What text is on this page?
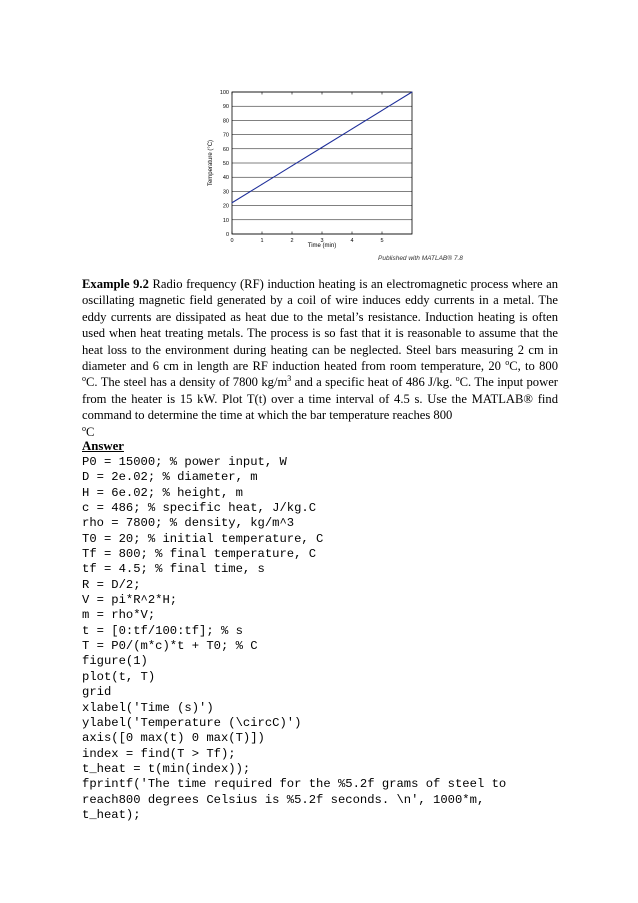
0
10
20
30
40
50
60
70
80
90
100
0	1	2	3	4	5
Time (min)
Temperature (°C)
Published with MATLAB® 7.8
Example 9.2 Radio frequency (RF) induction heating is an electromagnetic process where an oscillating magnetic field generated by a coil of wire induces eddy currents in a metal. The eddy currents are dissipated as heat due to the metal’s resistance. Induction heating is often used when heat treating metals. The process is so fast that it is reasonable to assume that the heat loss to the environment during heating can be neglected. Steel bars measuring 2 cm in diameter and 6 cm in length are RF induction heated from room temperature, 20 $^o$C, to 800 $^o$C. The steel has a density of 7800 $kg/m^3$ and a specific heat of 486 J/kg. $^o$C. The input power from the heater is 15 kW. Plot T(t) over a time interval of 4.5 s. Use the MATLAB® find command to determine the time at which the bar temperature reaches 800
$^o$C
Answer
P0 = 15000; % power input, W
D = 2e.02; % diameter, m
H = 6e.02; % height, m
c = 486; % specific heat, J/kg.C
rho = 7800; % density, kg/m^3
T0 = 20; % initial temperature, C
Tf = 800; % final temperature, C
tf = 4.5; % final time, s
R = D/2;
V = pi*R^2*H;
m = rho*V;
t = [0:tf/100:tf]; % s
T = P0/(m*c)*t + T0; % C
figure(1)
plot(t, T)
grid
xlabel('Time (s)')
ylabel('Temperature (\circC)')
axis([0 max(t) 0 max(T)])
index = find(T > Tf);
t_heat = t(min(index));
fprintf('The time required for the %5.2f grams of steel to
reach800 degrees Celsius is %5.2f seconds. \n', 1000*m,
t_heat);
